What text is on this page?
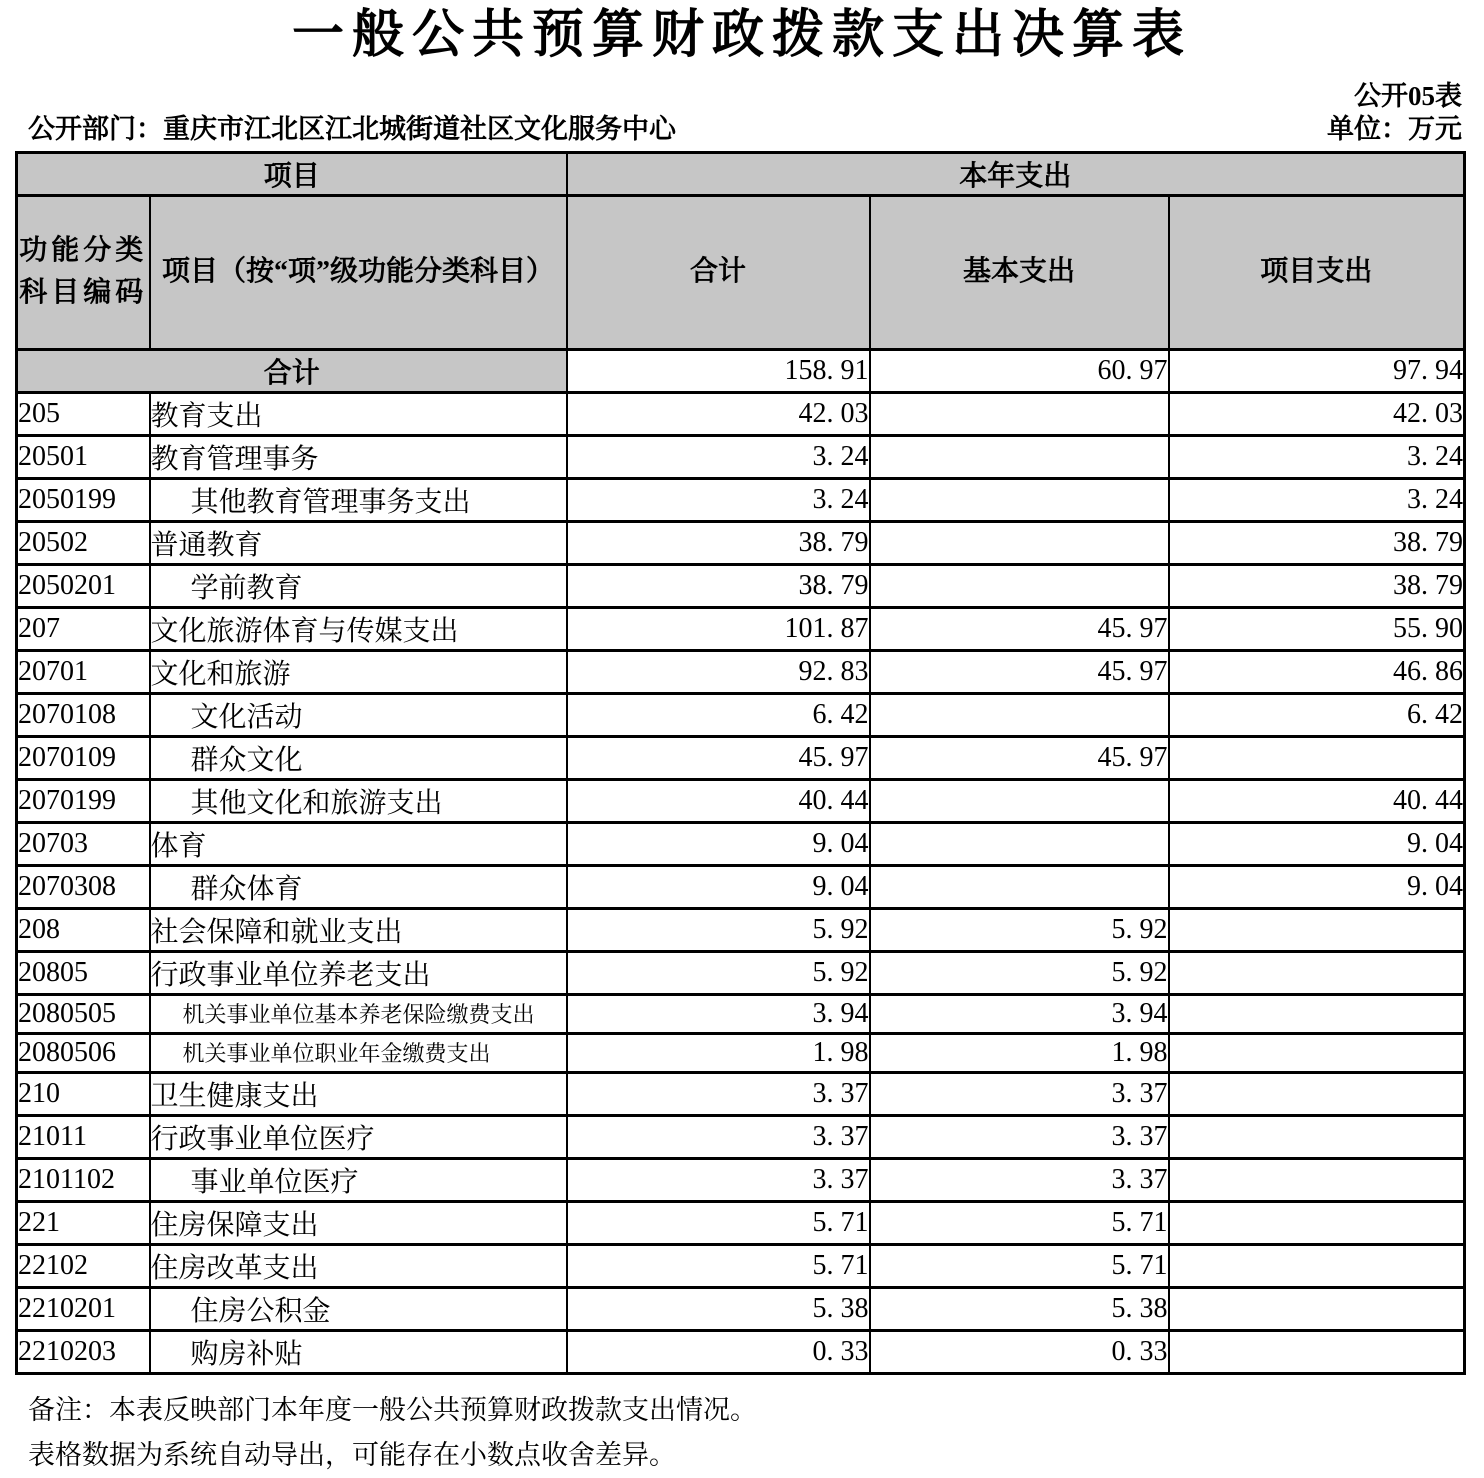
一般公共预算财政拨款支出决算表
公开05表
公开部门：重庆市江北区江北城街道社区文化服务中心	单位：万元
项目		本年支出		
功能分类科目编码	项目（按“项”级功能分类科目）	合计	基本支出	项目支出
合计		158. 91	60. 97	97. 94
205	教育支出	42. 03		42. 03
20501	教育管理事务	3. 24		3. 24
2050199	其他教育管理事务支出	3. 24		3. 24
20502	普通教育	38. 79		38. 79
2050201	学前教育	38. 79		38. 79
207	文化旅游体育与传媒支出	101. 87	45. 97	55. 90
20701	文化和旅游	92. 83	45. 97	46. 86
2070108	文化活动	6. 42		6. 42
2070109	群众文化	45. 97	45. 97	
2070199	其他文化和旅游支出	40. 44		40. 44
20703	体育	9. 04		9. 04
2070308	群众体育	9. 04		9. 04
208	社会保障和就业支出	5. 92	5. 92	
20805	行政事业单位养老支出	5. 92	5. 92	
2080505	机关事业单位基本养老保险缴费支出	3. 94	3. 94	
2080506	机关事业单位职业年金缴费支出	1. 98	1. 98	
210	卫生健康支出	3. 37	3. 37	
21011	行政事业单位医疗	3. 37	3. 37	
2101102	事业单位医疗	3. 37	3. 37	
221	住房保障支出	5. 71	5. 71	
22102	住房改革支出	5. 71	5. 71	
2210201	住房公积金	5. 38	5. 38	
2210203	购房补贴	0. 33	0. 33	
备注：本表反映部门本年度一般公共预算财政拨款支出情况。
表格数据为系统自动导出，可能存在小数点收舍差异。
